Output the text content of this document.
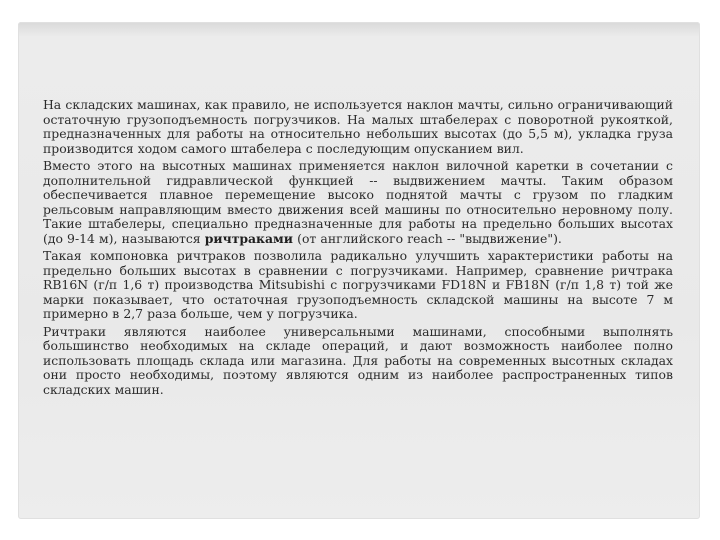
На складских машинах, как правило, не используется наклон мачты, сильно ограничивающий остаточную грузоподъемность погрузчиков. На малых штабелерах с поворотной рукояткой, предназначенных для работы на относительно небольших высотах (до 5,5 м), укладка груза производится ходом самого штабелера с последующим опусканием вил.

Вместо этого на высотных машинах применяется наклон вилочной каретки в сочетании с дополнительной гидравлической функцией -- выдвижением мачты. Таким образом обеспечивается плавное перемещение высоко поднятой мачты с грузом по гладким рельсовым направляющим вместо движения всей машины по относительно неровному полу. Такие штабелеры, специально предназначенные для работы на предельно больших высотах (до 9-14 м), называются ричтраками (от английского reach -- "выдвижение").

Такая компоновка ричтраков позволила радикально улучшить характеристики работы на предельно больших высотах в сравнении с погрузчиками. Например, сравнение ричтрака RB16N (г/п 1,6 т) производства Mitsubishi с погрузчиками FD18N и FB18N (г/п 1,8 т) той же марки показывает, что остаточная грузоподъемность складской машины на высоте 7 м примерно в 2,7 раза больше, чем у погрузчика.

Ричтраки являются наиболее универсальными машинами, способными выполнять большинство необходимых на складе операций, и дают возможность наиболее полно использовать площадь склада или магазина. Для работы на современных высотных складах они просто необходимы, поэтому являются одним из наиболее распространенных типов складских машин.
